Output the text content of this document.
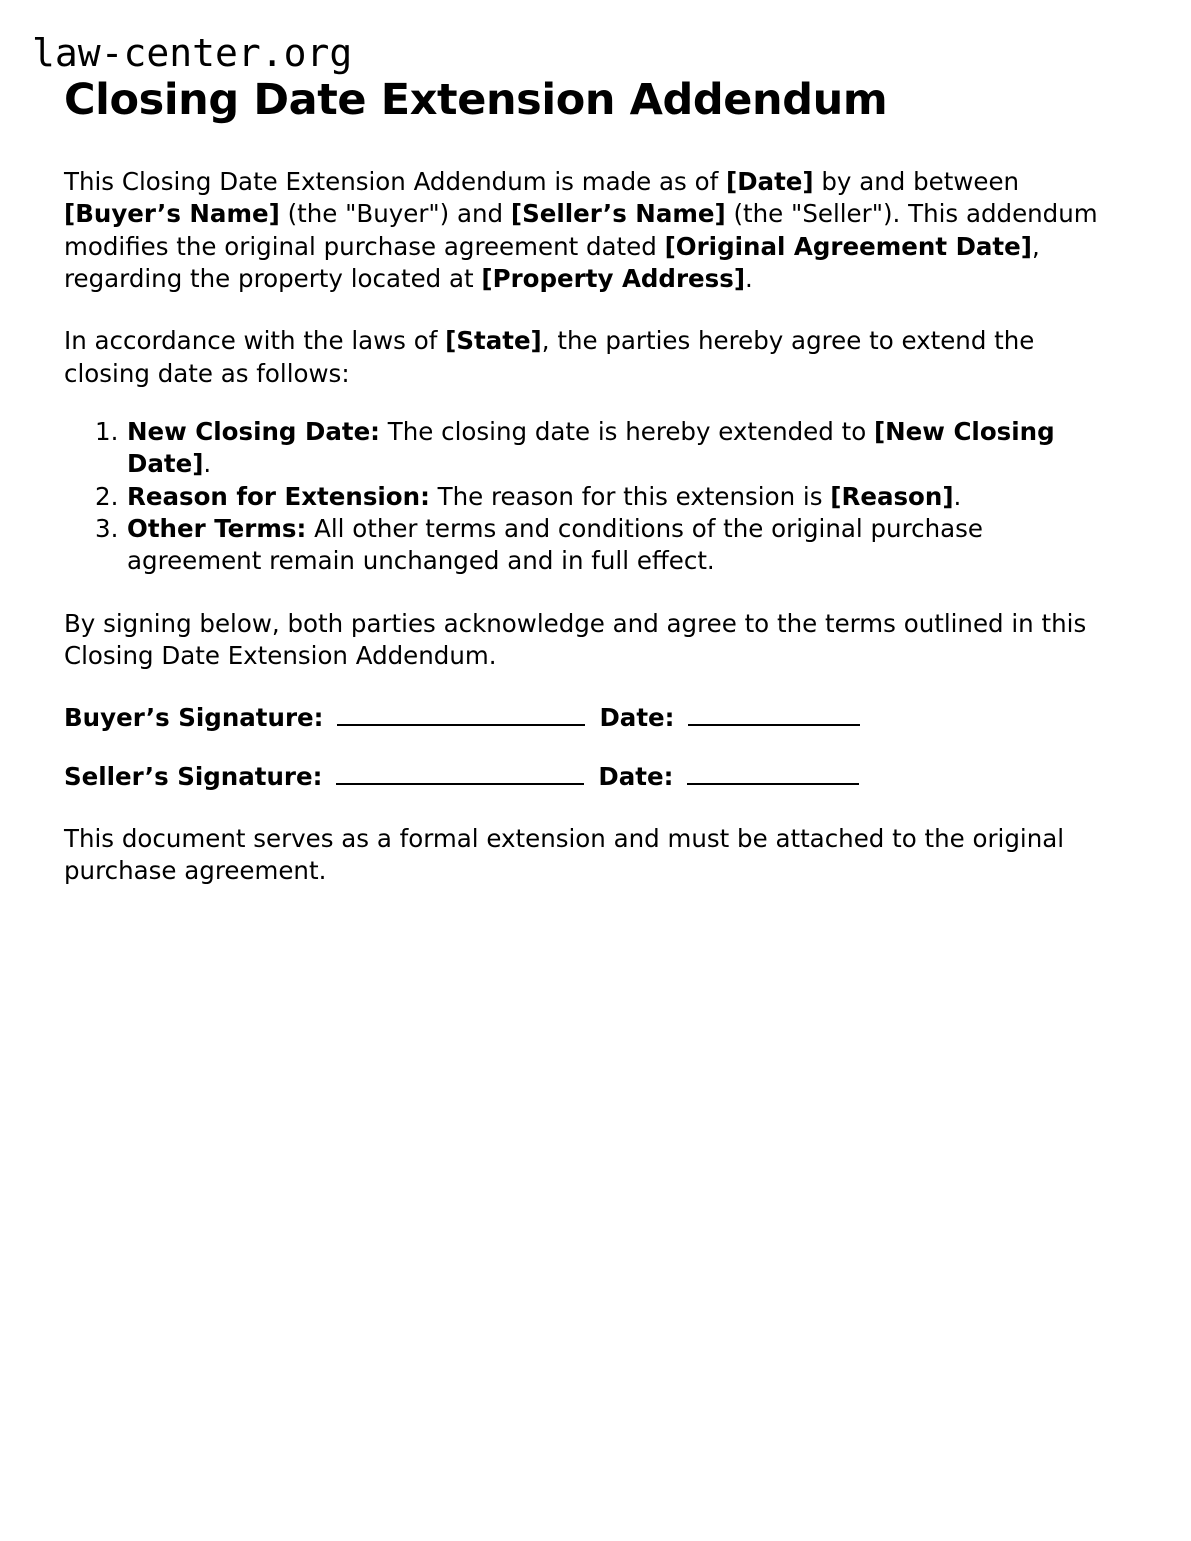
law-center.org
Closing Date Extension Addendum

This Closing Date Extension Addendum is made as of [Date] by and between [Buyer’s Name] (the "Buyer") and [Seller’s Name] (the "Seller"). This addendum modifies the original purchase agreement dated [Original Agreement Date], regarding the property located at [Property Address].

In accordance with the laws of [State], the parties hereby agree to extend the closing date as follows:

New Closing Date: The closing date is hereby extended to [New Closing Date].
Reason for Extension: The reason for this extension is [Reason].
Other Terms: All other terms and conditions of the original purchase agreement remain unchanged and in full effect.

By signing below, both parties acknowledge and agree to the terms outlined in this Closing Date Extension Addendum.

Buyer’s Signature:	Date:
Seller’s Signature:	Date:

This document serves as a formal extension and must be attached to the original purchase agreement.
